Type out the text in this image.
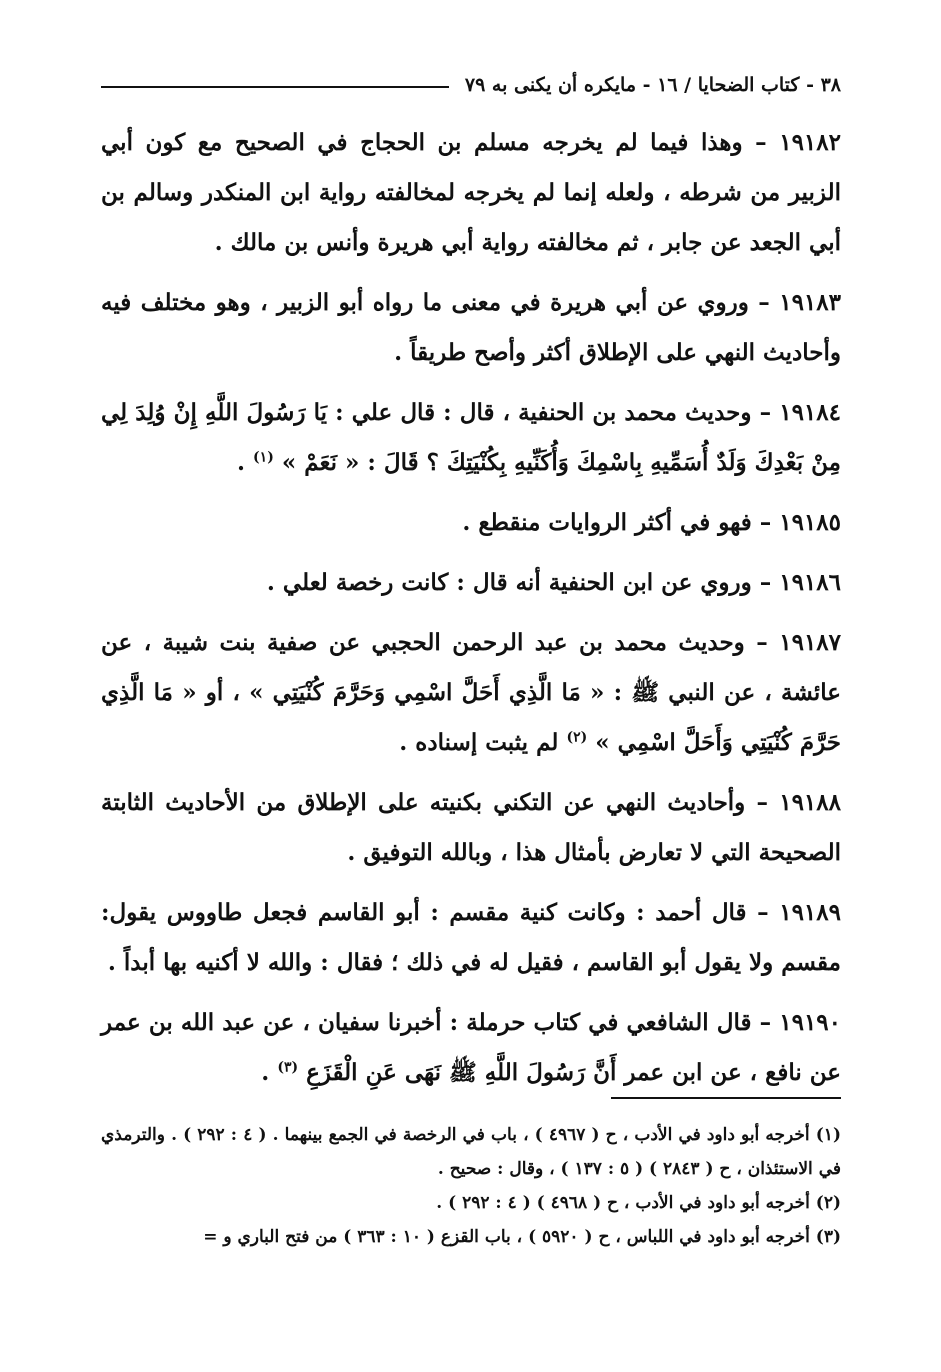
٣٨ - كتاب الضحايا / ١٦ - مايكره أن يكنى به ٧٩

١٩١٨٢ – وهذا فيما لم يخرجه مسلم بن الحجاج في الصحيح مع كون أبي الزبير من شرطه ، ولعله إنما لم يخرجه لمخالفته رواية ابن المنكدر وسالم بن أبي الجعد عن جابر ، ثم مخالفته رواية أبي هريرة وأنس بن مالك .

١٩١٨٣ – وروي عن أبي هريرة في معنى ما رواه أبو الزبير ، وهو مختلف فيه وأحاديث النهي على الإطلاق أكثر وأصح طريقاً .

١٩١٨٤ – وحديث محمد بن الحنفية ، قال : قال علي : يَا رَسُولَ اللَّهِ إِنْ وُلِدَ لِي مِنْ بَعْدِكَ وَلَدٌ أُسَمِّيهِ بِاسْمِكَ وَأُكَنِّيهِ بِكُنْيَتِكَ ؟ قَالَ : « نَعَمْ » $^{(١)}$ .

١٩١٨٥ – فهو في أكثر الروايات منقطع .

١٩١٨٦ – وروي عن ابن الحنفية أنه قال : كانت رخصة لعلي .

١٩١٨٧ – وحديث محمد بن عبد الرحمن الحجبي عن صفية بنت شيبة ، عن عائشة ، عن النبي ﷺ : « مَا الَّذِي أَحَلَّ اسْمِي وَحَرَّمَ كُنْيَتِي » ، أو « مَا الَّذِي حَرَّمَ كُنْيَتِي وَأَحَلَّ اسْمِي » $^{(٢)}$ لم يثبت إسناده .

١٩١٨٨ – وأحاديث النهي عن التكني بكنيته على الإطلاق من الأحاديث الثابتة الصحيحة التي لا تعارض بأمثال هذا ، وبالله التوفيق .

١٩١٨٩ – قال أحمد : وكانت كنية مقسم : أبو القاسم فجعل طاووس يقول: مقسم ولا يقول أبو القاسم ، فقيل له في ذلك ؛ فقال : والله لا أكنيه بها أبداً .

١٩١٩٠ – قال الشافعي في كتاب حرملة : أخبرنا سفيان ، عن عبد الله بن عمر عن نافع ، عن ابن عمر أَنَّ رَسُولَ اللَّهِ ﷺ نَهَى عَنِ الْقَزَعِ $^{(٣)}$ .

(١) أخرجه أبو داود في الأدب ، ح ( ٤٩٦٧ ) ، باب في الرخصة في الجمع بينهما . ( ٤ : ٢٩٢ ) . والترمذي في الاستئذان ، ح ( ٢٨٤٣ ) ( ٥ : ١٣٧ ) ، وقال : صحيح .

(٢) أخرجه أبو داود في الأدب ، ح ( ٤٩٦٨ ) ( ٤ : ٢٩٢ ) .

(٣) أخرجه أبو داود في اللباس ، ح ( ٥٩٢٠ ) ، باب القزع ( ١٠ : ٣٦٣ ) من فتح الباري و =
